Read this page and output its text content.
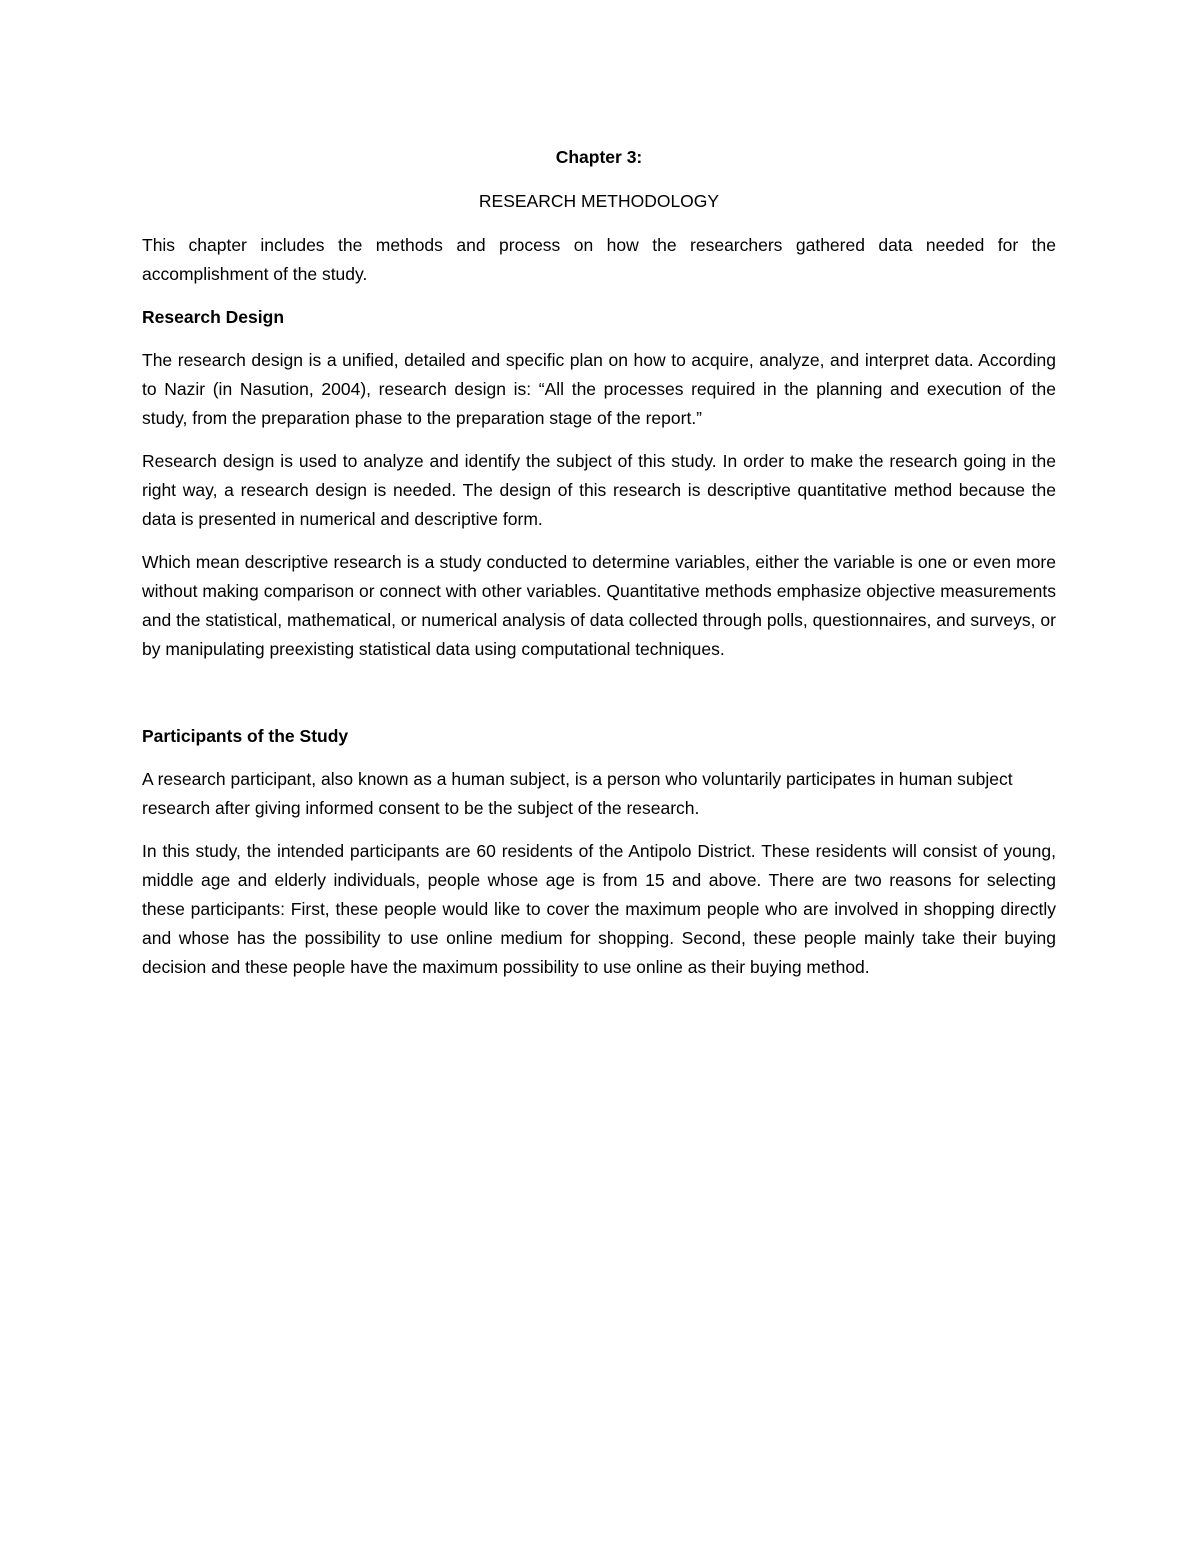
Chapter 3:
RESEARCH METHODOLOGY

This chapter includes the methods and process on how the researchers gathered data needed for the accomplishment of the study.

Research Design

The research design is a unified, detailed and specific plan on how to acquire, analyze, and interpret data. According to Nazir (in Nasution, 2004), research design is: “All the processes required in the planning and execution of the study, from the preparation phase to the preparation stage of the report.”

Research design is used to analyze and identify the subject of this study. In order to make the research going in the right way, a research design is needed. The design of this research is descriptive quantitative method because the data is presented in numerical and descriptive form.

Which mean descriptive research is a study conducted to determine variables, either the variable is one or even more without making comparison or connect with other variables. Quantitative methods emphasize objective measurements and the statistical, mathematical, or numerical analysis of data collected through polls, questionnaires, and surveys, or by manipulating preexisting statistical data using computational techniques.

Participants of the Study

A research participant, also known as a human subject, is a person who voluntarily participates in human subject research after giving informed consent to be the subject of the research.

In this study, the intended participants are 60 residents of the Antipolo District. These residents will consist of young, middle age and elderly individuals, people whose age is from 15 and above. There are two reasons for selecting these participants: First, these people would like to cover the maximum people who are involved in shopping directly and whose has the possibility to use online medium for shopping. Second, these people mainly take their buying decision and these people have the maximum possibility to use online as their buying method.
